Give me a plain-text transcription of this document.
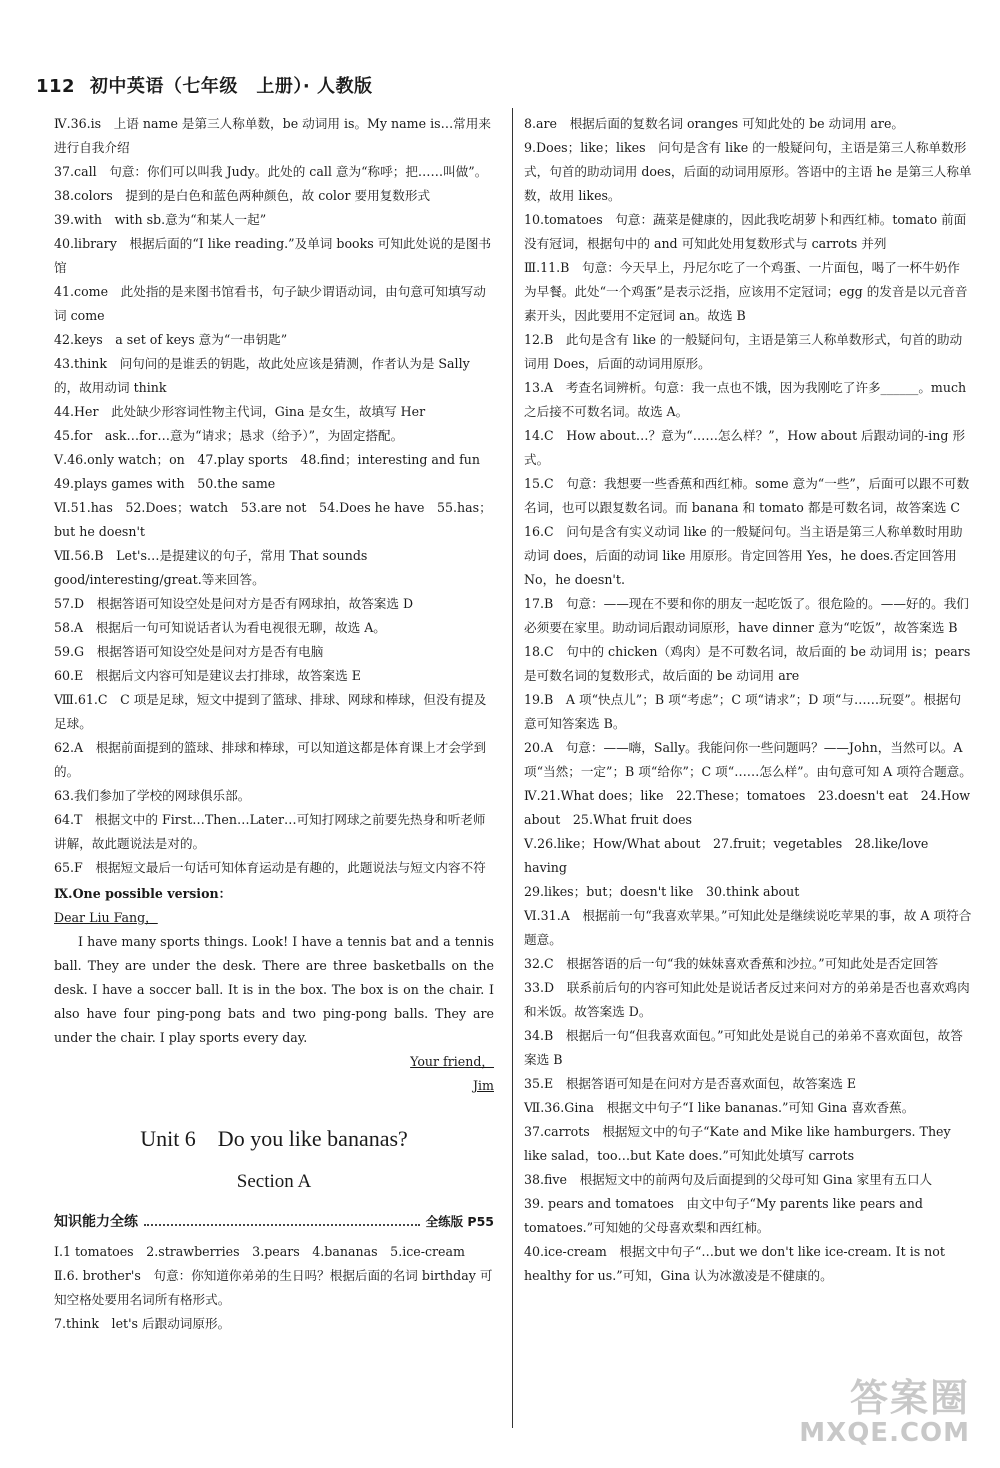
112 初中英语（七年级　上册）· 人教版
Ⅳ.36.is　上语 name 是第三人称单数，be 动词用 is。My name is…常用来进行自我介绍
37.call　句意：你们可以叫我 Judy。此处的 call 意为“称呼；把……叫做”。
38.colors　提到的是白色和蓝色两种颜色，故 color 要用复数形式
39.with　with sb.意为“和某人一起”
40.library　根据后面的“I like reading.”及单词 books 可知此处说的是图书馆
41.come　此处指的是来图书馆看书，句子缺少谓语动词，由句意可知填写动词 come
42.keys　a set of keys 意为“一串钥匙”
43.think　问句问的是谁丢的钥匙，故此处应该是猜测，作者认为是 Sally 的，故用动词 think
44.Her　此处缺少形容词性物主代词，Gina 是女生，故填写 Her
45.for　ask…for…意为“请求；恳求（给予）”，为固定搭配。
Ⅴ.46.only watch；on　47.play sports　48.find；interesting and fun　49.plays games with　50.the same
Ⅵ.51.has　52.Does；watch　53.are not　54.Does he have　55.has；but he doesn't
Ⅶ.56.B　Let's…是提建议的句子，常用 That sounds good/interesting/great.等来回答。
57.D　根据答语可知设空处是问对方是否有网球拍，故答案选 D
58.A　根据后一句可知说话者认为看电视很无聊，故选 A。
59.G　根据答语可知设空处是问对方是否有电脑
60.E　根据后文内容可知是建议去打排球，故答案选 E
Ⅷ.61.C　C 项是足球，短文中提到了篮球、排球、网球和棒球，但没有提及足球。
62.A　根据前面提到的篮球、排球和棒球，可以知道这都是体育课上才会学到的。
63.我们参加了学校的网球俱乐部。
64.T　根据文中的 First…Then…Later…可知打网球之前要先热身和听老师讲解，故此题说法是对的。
65.F　根据短文最后一句话可知体育运动是有趣的，此题说法与短文内容不符
Ⅸ.One possible version：
Dear Liu Fang，
I have many sports things. Look! I have a tennis bat and a tennis ball. They are under the desk. There are three basketballs on the desk. I have a soccer ball. It is in the box. The box is on the chair. I also have four ping-pong bats and two ping-pong balls. They are under the chair. I play sports every day.
Your friend，
Jim
Unit 6　Do you like bananas?
Section A
知识能力全练	全练版 P55
Ⅰ.1 tomatoes　2.strawberries　3.pears　4.bananas　5.ice-cream
Ⅱ.6. brother's　句意：你知道你弟弟的生日吗？根据后面的名词 birthday 可知空格处要用名词所有格形式。
7.think　let's 后跟动词原形。
8.are　根据后面的复数名词 oranges 可知此处的 be 动词用 are。
9.Does；like；likes　问句是含有 like 的一般疑问句，主语是第三人称单数形式，句首的助动词用 does，后面的动词用原形。答语中的主语 he 是第三人称单数，故用 likes。
10.tomatoes　句意：蔬菜是健康的，因此我吃胡萝卜和西红柿。tomato 前面没有冠词，根据句中的 and 可知此处用复数形式与 carrots 并列
Ⅲ.11.B　句意：今天早上，丹尼尔吃了一个鸡蛋、一片面包，喝了一杯牛奶作为早餐。此处“一个鸡蛋”是表示泛指，应该用不定冠词；egg 的发音是以元音音素开头，因此要用不定冠词 an。故选 B
12.B　此句是含有 like 的一般疑问句，主语是第三人称单数形式，句首的助动词用 Does，后面的动词用原形。
13.A　考查名词辨析。句意：我一点也不饿，因为我刚吃了许多______。much 之后接不可数名词。故选 A。
14.C　How about…？意为“……怎么样？”，How about 后跟动词的-ing 形式。
15.C　句意：我想要一些香蕉和西红柿。some 意为“一些”，后面可以跟不可数名词，也可以跟复数名词。而 banana 和 tomato 都是可数名词，故答案选 C
16.C　问句是含有实义动词 like 的一般疑问句。当主语是第三人称单数时用助动词 does，后面的动词 like 用原形。肯定回答用 Yes，he does.否定回答用 No，he doesn't.
17.B　句意：——现在不要和你的朋友一起吃饭了。很危险的。——好的。我们必须要在家里。助动词后跟动词原形，have dinner 意为“吃饭”，故答案选 B
18.C　句中的 chicken（鸡肉）是不可数名词，故后面的 be 动词用 is；pears 是可数名词的复数形式，故后面的 be 动词用 are
19.B　A 项“快点儿”；B 项“考虑”；C 项“请求”；D 项“与……玩耍”。根据句意可知答案选 B。
20.A　句意：——嗨，Sally。我能问你一些问题吗？——John，当然可以。A 项“当然；一定”；B 项“给你”；C 项“……怎么样”。由句意可知 A 项符合题意。
Ⅳ.21.What does；like　22.These；tomatoes　23.doesn't eat　24.How about　25.What fruit does
Ⅴ.26.like；How/What about　27.fruit；vegetables　28.like/love having
29.likes；but；doesn't like　30.think about
Ⅵ.31.A　根据前一句“我喜欢苹果。”可知此处是继续说吃苹果的事，故 A 项符合题意。
32.C　根据答语的后一句“我的妹妹喜欢香蕉和沙拉。”可知此处是否定回答
33.D　联系前后句的内容可知此处是说话者反过来问对方的弟弟是否也喜欢鸡肉和米饭。故答案选 D。
34.B　根据后一句“但我喜欢面包。”可知此处是说自己的弟弟不喜欢面包，故答案选 B
35.E　根据答语可知是在问对方是否喜欢面包，故答案选 E
Ⅶ.36.Gina　根据文中句子“I like bananas.”可知 Gina 喜欢香蕉。
37.carrots　根据短文中的句子“Kate and Mike like hamburgers. They like salad，too…but Kate does.”可知此处填写 carrots
38.five　根据短文中的前两句及后面提到的父母可知 Gina 家里有五口人
39. pears and tomatoes　由文中句子“My parents like pears and tomatoes.”可知她的父母喜欢梨和西红柿。
40.ice-cream　根据文中句子“…but we don't like ice-cream. It is not healthy for us.”可知，Gina 认为冰激凌是不健康的。
答案圈
MXQE.COM
